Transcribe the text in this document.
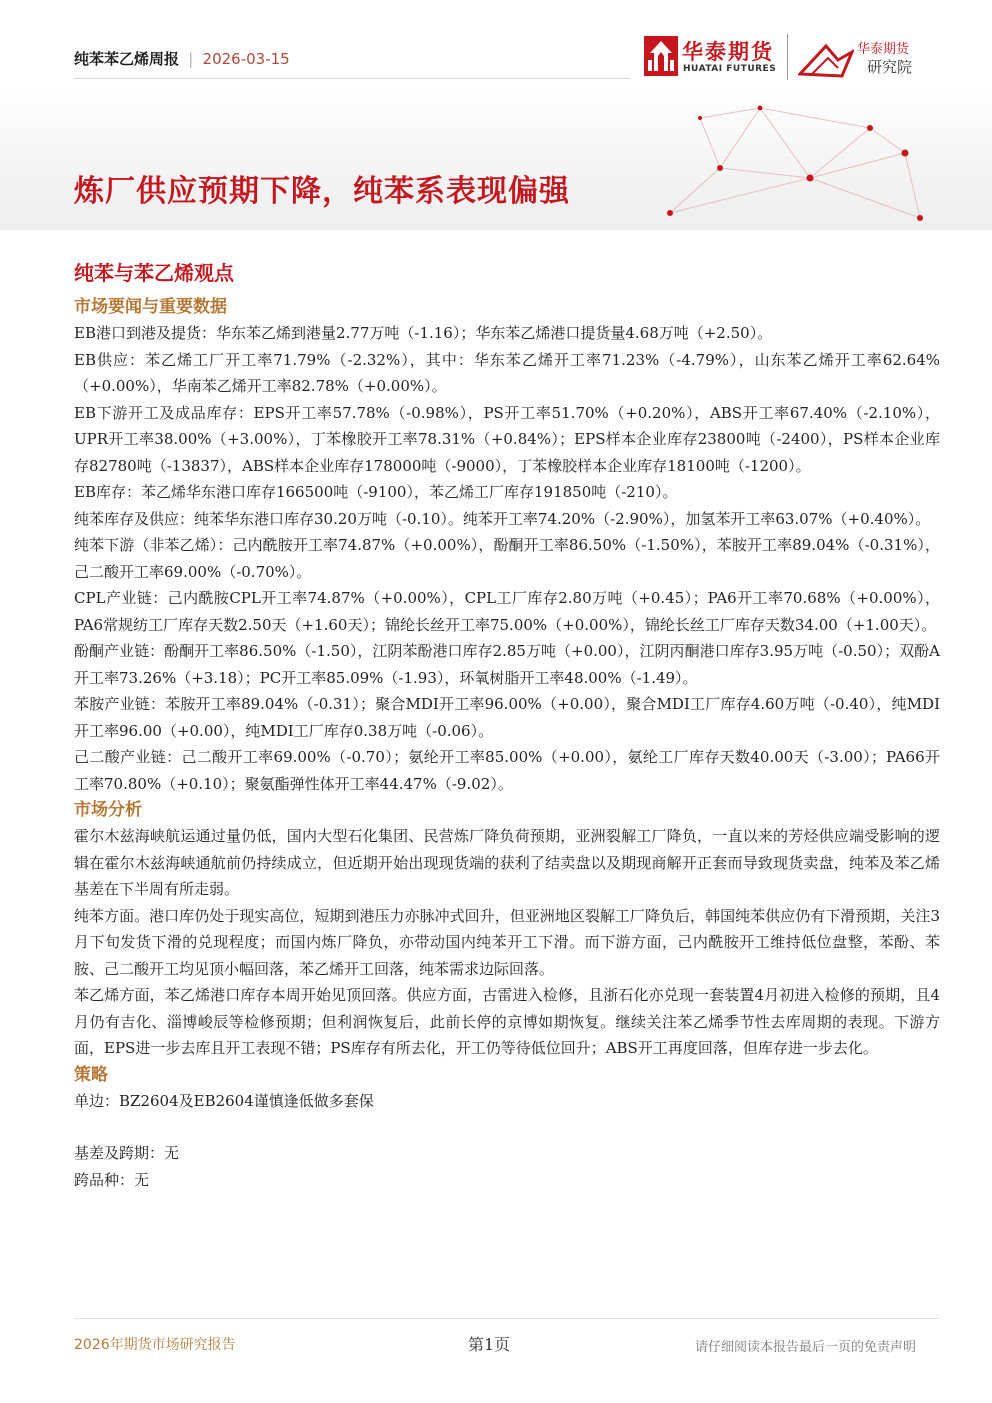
纯苯苯乙烯周报 | 2026-03-15	华泰期货
HUATAI FUTURES
华泰期货
研究院
炼厂供应预期下降，纯苯系表现偏强
纯苯与苯乙烯观点
市场要闻与重要数据

EB港口到港及提货：华东苯乙烯到港量2.77万吨（-1.16）；华东苯乙烯港口提货量4.68万吨（+2.50）。

EB供应：苯乙烯工厂开工率71.79%（-2.32%），其中：华东苯乙烯开工率71.23%（-4.79%），山东苯乙烯开工率62.64%（+0.00%），华南苯乙烯开工率82.78%（+0.00%）。

EB下游开工及成品库存：EPS开工率57.78%（-0.98%），PS开工率51.70%（+0.20%），ABS开工率67.40%（-2.10%），UPR开工率38.00%（+3.00%），丁苯橡胶开工率78.31%（+0.84%）；EPS样本企业库存23800吨（-2400），PS样本企业库存82780吨（-13837），ABS样本企业库存178000吨（-9000），丁苯橡胶样本企业库存18100吨（-1200）。

EB库存：苯乙烯华东港口库存166500吨（-9100），苯乙烯工厂库存191850吨（-210）。

纯苯库存及供应：纯苯华东港口库存30.20万吨（-0.10）。纯苯开工率74.20%（-2.90%），加氢苯开工率63.07%（+0.40%）。

纯苯下游（非苯乙烯）：己内酰胺开工率74.87%（+0.00%），酚酮开工率86.50%（-1.50%），苯胺开工率89.04%（-0.31%），己二酸开工率69.00%（-0.70%）。

CPL产业链：己内酰胺CPL开工率74.87%（+0.00%），CPL工厂库存2.80万吨（+0.45）；PA6开工率70.68%（+0.00%），PA6常规纺工厂库存天数2.50天（+1.60天）；锦纶长丝开工率75.00%（+0.00%），锦纶长丝工厂库存天数34.00（+1.00天）。

酚酮产业链：酚酮开工率86.50%（-1.50），江阴苯酚港口库存2.85万吨（+0.00），江阴丙酮港口库存3.95万吨（-0.50）；双酚A开工率73.26%（+3.18）；PC开工率85.09%（-1.93），环氧树脂开工率48.00%（-1.49）。

苯胺产业链：苯胺开工率89.04%（-0.31）；聚合MDI开工率96.00%（+0.00），聚合MDI工厂库存4.60万吨（-0.40），纯MDI开工率96.00（+0.00），纯MDI工厂库存0.38万吨（-0.06）。

己二酸产业链：己二酸开工率69.00%（-0.70）；氨纶开工率85.00%（+0.00），氨纶工厂库存天数40.00天（-3.00）；PA66开工率70.80%（+0.10）；聚氨酯弹性体开工率44.47%（-9.02）。

市场分析

霍尔木兹海峡航运通过量仍低，国内大型石化集团、民营炼厂降负荷预期，亚洲裂解工厂降负，一直以来的芳烃供应端受影响的逻辑在霍尔木兹海峡通航前仍持续成立，但近期开始出现现货端的获利了结卖盘以及期现商解开正套而导致现货卖盘，纯苯及苯乙烯基差在下半周有所走弱。

纯苯方面。港口库仍处于现实高位，短期到港压力亦脉冲式回升，但亚洲地区裂解工厂降负后，韩国纯苯供应仍有下滑预期，关注3月下旬发货下滑的兑现程度；而国内炼厂降负，亦带动国内纯苯开工下滑。而下游方面，己内酰胺开工维持低位盘整，苯酚、苯胺、己二酸开工均见顶小幅回落，苯乙烯开工回落，纯苯需求边际回落。

苯乙烯方面，苯乙烯港口库存本周开始见顶回落。供应方面，古雷进入检修，且浙石化亦兑现一套装置4月初进入检修的预期，且4月仍有吉化、淄博峻辰等检修预期；但利润恢复后，此前长停的京博如期恢复。继续关注苯乙烯季节性去库周期的表现。下游方面，EPS进一步去库且开工表现不错；PS库存有所去化，开工仍等待低位回升；ABS开工再度回落，但库存进一步去化。

策略

单边：BZ2604及EB2604谨慎逢低做多套保

基差及跨期：无

跨品种：无

2026年期货市场研究报告	第1页	请仔细阅读本报告最后一页的免责声明
